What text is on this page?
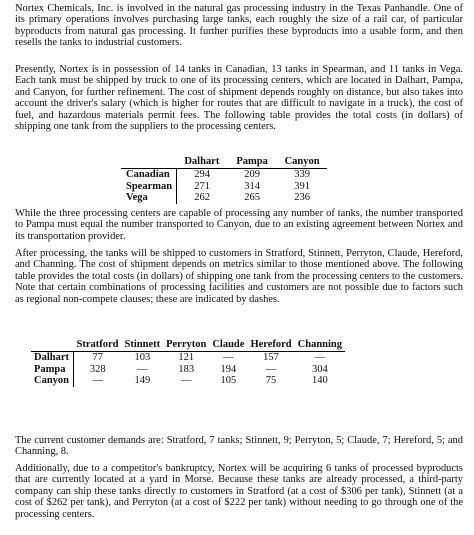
Nortex Chemicals, Inc. is involved in the natural gas processing industry in the Texas Panhandle. One of its primary operations involves purchasing large tanks, each roughly the size of a rail car, of particular byproducts from natural gas processing. It further purifies these byproducts into a usable form, and then resells the tanks to industrial customers.

Presently, Nortex is in possession of 14 tanks in Canadian, 13 tanks in Spearman, and 11 tanks in Vega. Each tank must be shipped by truck to one of its processing centers, which are located in Dalhart, Pampa, and Canyon, for further refinement. The cost of shipment depends roughly on distance, but also takes into account the driver's salary (which is higher for routes that are difficult to navigate in a truck), the cost of fuel, and hazardous materials permit fees. The following table provides the total costs (in dollars) of shipping one tank from the suppliers to the processing centers.

While the three processing centers are capable of processing any number of tanks, the number transported to Pampa must equal the number transported to Canyon, due to an existing agreement between Nortex and its transportation provider.

After processing, the tanks will be shipped to customers in Stratford, Stinnett, Perryton, Claude, Hereford, and Channing. The cost of shipment depends on metrics similar to those mentioned above. The following table provides the total costs (in dollars) of shipping one tank from the processing centers to the customers. Note that certain combinations of processing facilities and customers are not possible due to factors such as regional non-compete clauses; these are indicated by dashes.

The current customer demands are: Stratford, 7 tanks; Stinnett, 9; Perryton, 5; Claude, 7; Hereford, 5; and Channing, 8.

Additionally, due to a competitor's bankruptcy, Nortex will be acquiring 6 tanks of processed byproducts that are currently located at a yard in Morse. Because these tanks are already processed, a third-party company can ship these tanks directly to customers in Stratford (at a cost of $306 per tank), Stinnett (at a cost of $262 per tank), and Perryton (at a cost of $222 per tank) without needing to go through one of the processing centers.

	Dalhart	Pampa	Canyon
Canadian	294	209	339
Spearman	271	314	391
Vega	262	265	236
	Stratford	Stinnett	Perryton	Claude	Hereford	Channing
Dalhart	77	103	121	—	157	—
Pampa	328	—	183	194	—	304
Canyon	—	149	—	105	75	140
